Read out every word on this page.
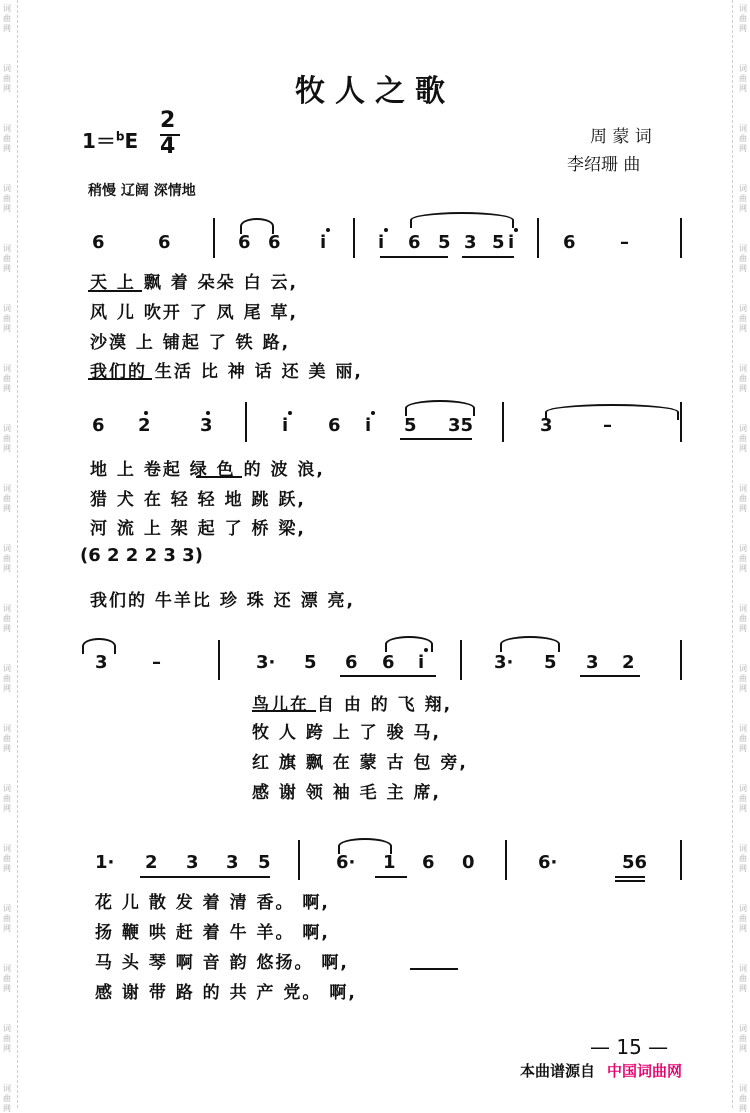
词
曲
网
词
曲
网
词
曲
网
词
曲
网
词
曲
网
词
曲
网
词
曲
网
词
曲
网
词
曲
网
词
曲
网
词
曲
网
词
曲
网
词
曲
网
词
曲
网
词
曲
网
词
曲
网
词
曲
网
词
曲
网
词
曲
网
词
曲
网
词
曲
网
词
曲
网
词
曲
网
词
曲
网
词
曲
网
词
曲
网
词
曲
网
词
曲
网
词
曲
网
词
曲
网
词
曲
网
词
曲
网
词
曲
网
词
曲
网
词
曲
网
词
曲
网
词
曲
网
词
曲
网
牧人之歌
1＝$^b$E
2
4	周 蒙 词
李绍珊 曲
稍慢 辽阔 深情地
6	6	6 6 i	i 6 5 3 5 i	6 –
天 上 飘 着 朵朵 白 云,
风 儿 吹开 了 凤 尾 草,
沙漠 上 铺起 了 铁 路,
我们的 生活 比 神 话 还 美 丽,
6 2	3	i 6 i 5 35	3	–
地 上 卷起 绿 色 的 波 浪,
猎 犬 在 轻 轻 地 跳 跃,
河 流 上 架 起 了 桥 梁,
(6 2 2 2 3 3)
我们的 牛羊比 珍 珠 还 漂 亮,
3 –	3· 5 6 6 i	3· 5 3 2
鸟儿在 自 由 的 飞 翔,
牧 人 跨 上 了 骏 马,
红 旗 飘 在 蒙 古 包 旁,
感 谢 领 袖 毛 主 席,
1· 2 3 3 5	6· 1 6 0	6·	56
花 儿 散 发 着 清 香。 啊,
扬 鞭 哄 赶 着 牛 羊。 啊,
马 头 琴 啊 音 韵 悠扬。 啊,
感 谢 带 路 的 共 产 党。 啊,
— 15 —
本曲谱源自 中国词曲网
